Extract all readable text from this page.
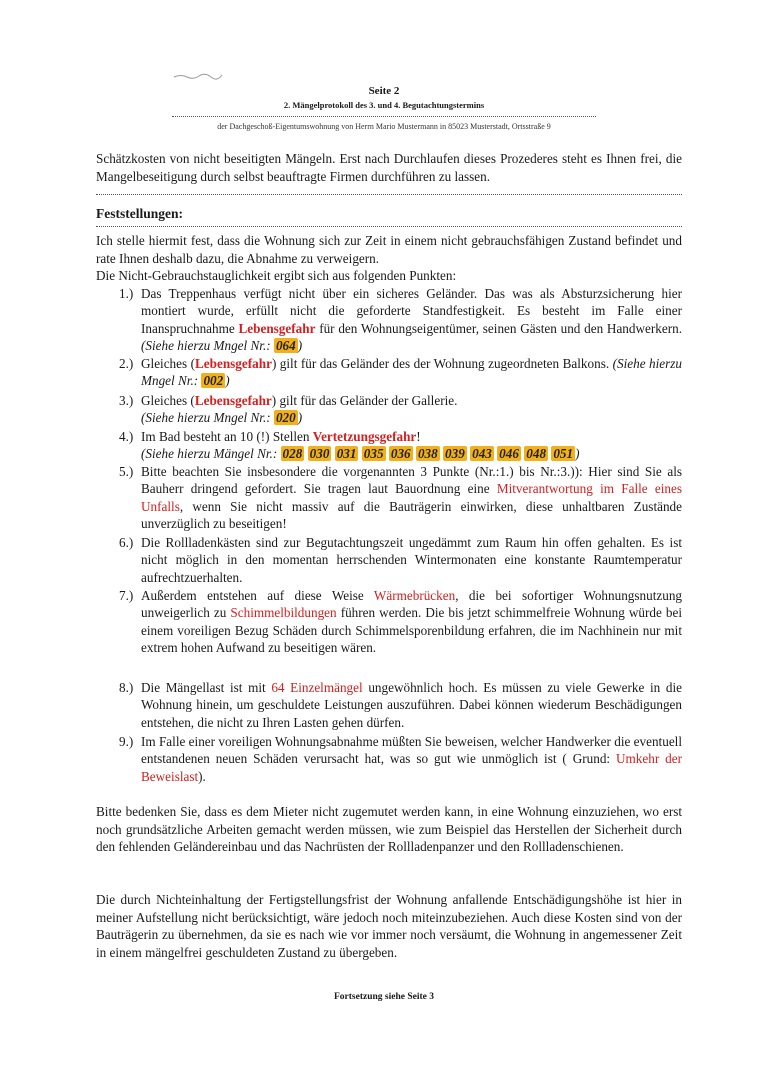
Seite 2
2. Mängelprotokoll des 3. und 4. Begutachtungstermins
der Dachgeschoß-Eigentumswohnung von Herrn Mario Mustermann in 85023 Musterstadt, Ortsstraße 9
Schätzkosten von nicht beseitigten Mängeln. Erst nach Durchlaufen dieses Prozederes steht es Ihnen frei, die Mangelbeseitigung durch selbst beauftragte Firmen durchführen zu lassen.
Feststellungen:
Ich stelle hiermit fest, dass die Wohnung sich zur Zeit in einem nicht gebrauchsfähigen Zustand befindet und rate Ihnen deshalb dazu, die Abnahme zu verweigern.
Die Nicht-Gebrauchstauglichkeit ergibt sich aus folgenden Punkten:
1.) Das Treppenhaus verfügt nicht über ein sicheres Geländer. Das was als Absturzsicherung hier montiert wurde, erfüllt nicht die geforderte Standfestigkeit. Es besteht im Falle einer Inanspruchnahme Lebensgefahr für den Wohnungseigentümer, seinen Gästen und den Handwerkern. (Siehe hierzu Mngel Nr.: 064 )
2.) Gleiches (Lebensgefahr) gilt für das Geländer des der Wohnung zugeordneten Balkons. (Siehe hierzu Mngel Nr.: 002 )
3.) Gleiches (Lebensgefahr) gilt für das Geländer der Gallerie.
(Siehe hierzu Mngel Nr.: 020 )
4.) Im Bad besteht an 10 (!) Stellen Vertetzungsgefahr!
(Siehe hierzu Mängel Nr.: 028 030 031 035 036 038 039 043 046 048 051 )
5.) Bitte beachten Sie insbesondere die vorgenannten 3 Punkte (Nr.:1.) bis Nr.:3.)): Hier sind Sie als Bauherr dringend gefordert. Sie tragen laut Bauordnung eine Mitverantwortung im Falle eines Unfalls, wenn Sie nicht massiv auf die Bauträgerin einwirken, diese unhaltbaren Zustände unverzüglich zu beseitigen!
6.) Die Rollladenkästen sind zur Begutachtungszeit ungedämmt zum Raum hin offen gehalten. Es ist nicht möglich in den momentan herrschenden Wintermonaten eine konstante Raumtemperatur aufrechtzuerhalten.
7.) Außerdem entstehen auf diese Weise Wärmebrücken, die bei sofortiger Wohnungsnutzung unweigerlich zu Schimmelbildungen führen werden. Die bis jetzt schimmelfreie Wohnung würde bei einem voreiligen Bezug Schäden durch Schimmelsporenbildung erfahren, die im Nachhinein nur mit extrem hohen Aufwand zu beseitigen wären.
8.) Die Mängellast ist mit 64 Einzelmängel ungewöhnlich hoch. Es müssen zu viele Gewerke in die Wohnung hinein, um geschuldete Leistungen auszuführen. Dabei können wiederum Beschädigungen entstehen, die nicht zu Ihren Lasten gehen dürfen.
9.) Im Falle einer voreiligen Wohnungsabnahme müßten Sie beweisen, welcher Handwerker die eventuell entstandenen neuen Schäden verursacht hat, was so gut wie unmöglich ist ( Grund: Umkehr der Beweislast).
Bitte bedenken Sie, dass es dem Mieter nicht zugemutet werden kann, in eine Wohnung einzuziehen, wo erst noch grundsätzliche Arbeiten gemacht werden müssen, wie zum Beispiel das Herstellen der Sicherheit durch den fehlenden Geländereinbau und das Nachrüsten der Rollladenpanzer und den Rollladenschienen.
Die durch Nichteinhaltung der Fertigstellungsfrist der Wohnung anfallende Entschädigungshöhe ist hier in meiner Aufstellung nicht berücksichtigt, wäre jedoch noch miteinzubeziehen. Auch diese Kosten sind von der Bauträgerin zu übernehmen, da sie es nach wie vor immer noch versäumt, die Wohnung in angemessener Zeit in einem mängelfrei geschuldeten Zustand zu übergeben.
Fortsetzung siehe Seite 3
